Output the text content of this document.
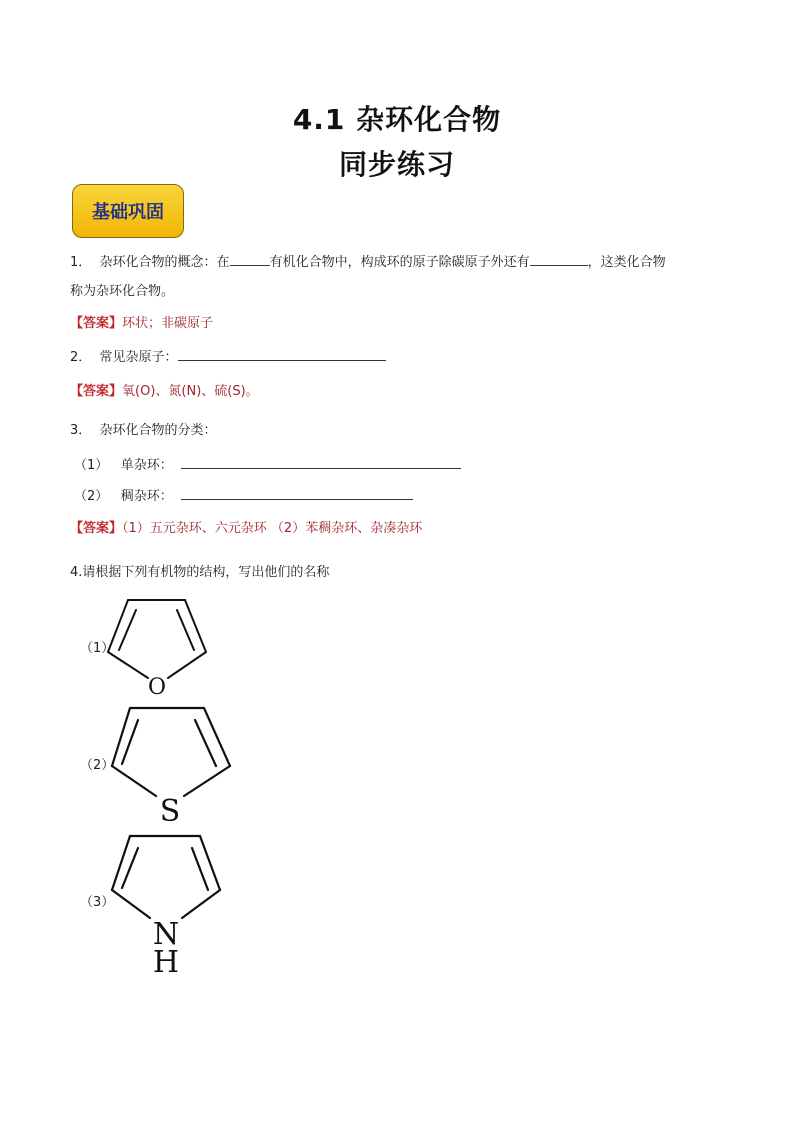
4.1 杂环化合物
同步练习
基础巩固
1． 杂环化合物的概念：在	有机化合物中，构成环的原子除碳原子外还有	，这类化合物
称为杂环化合物。
【答案】环状；非碳原子
2． 常见杂原子：
【答案】氧(O)、氮(N)、硫(S)。
3． 杂环化合物的分类：
（1） 单杂环：
（2） 稠杂环：
【答案】（1）五元杂环、六元杂环 （2）苯稠杂环、杂凑杂环
4.请根据下列有机物的结构，写出他们的名称
（1）
O
（2）
S
（3）
N
H
